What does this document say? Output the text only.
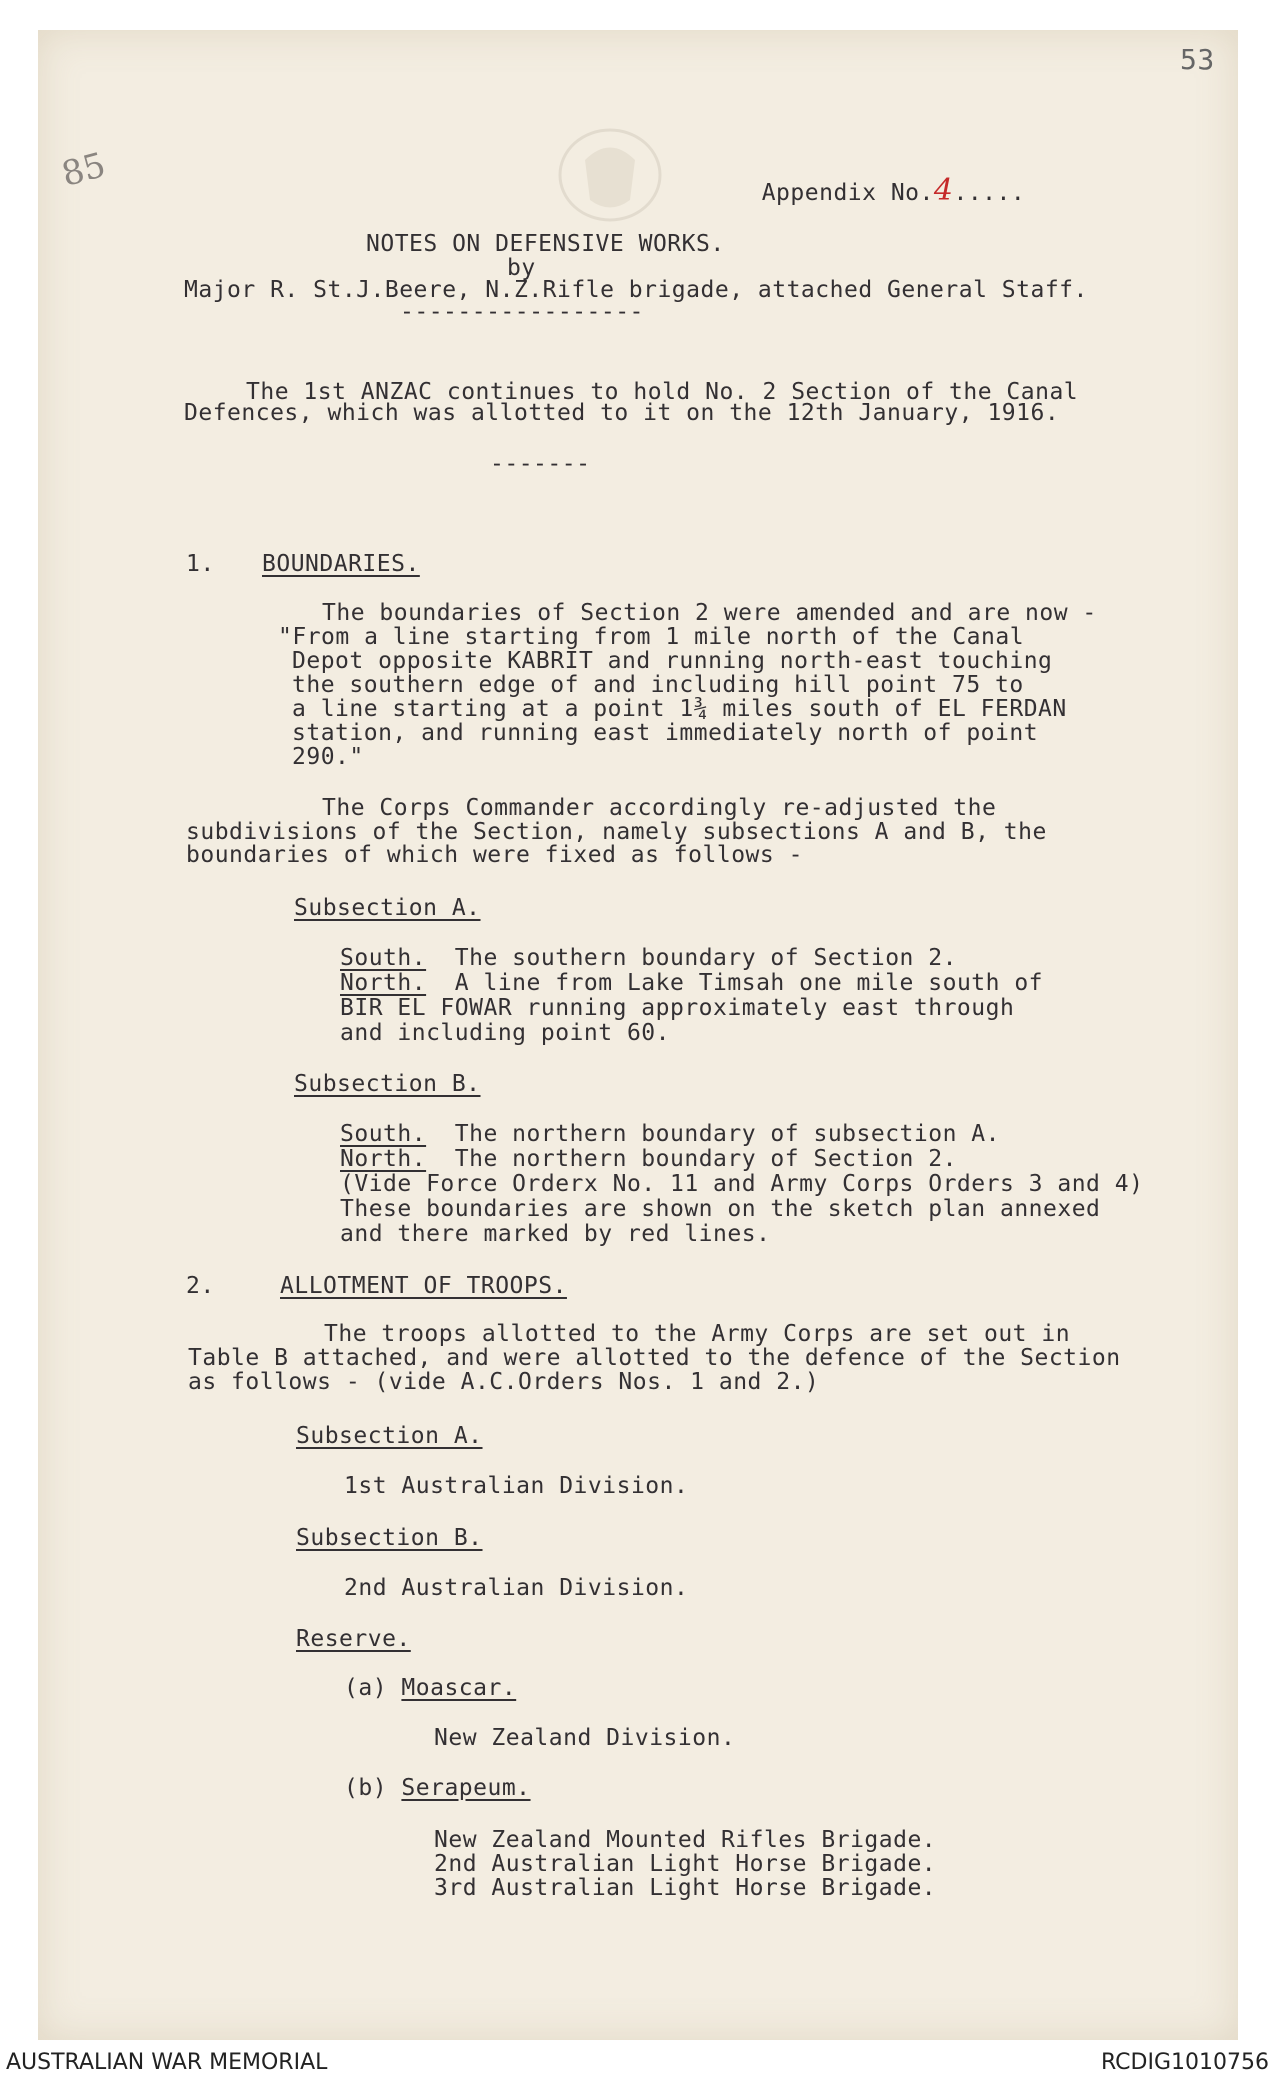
53
85	Appendix No.4.....

NOTES ON DEFENSIVE WORKS.
by
Major R. St.J.Beere, N.Z.Rifle brigade, attached General Staff.
-----------------
The 1st ANZAC continues to hold No. 2 Section of the Canal
Defences, which was allotted to it on the 12th January, 1916.
-------
1. BOUNDARIES.
The boundaries of Section 2 were amended and are now -
"From a line starting from 1 mile north of the Canal
Depot opposite KABRIT and running north-east touching
the southern edge of and including hill point 75 to
a line starting at a point 1¾ miles south of EL FERDAN
station, and running east immediately north of point
290."
The Corps Commander accordingly re-adjusted the
subdivisions of the Section, namely subsections A and B, the
boundaries of which were fixed as follows -
Subsection A.
South. The southern boundary of Section 2.
North. A line from Lake Timsah one mile south of
BIR EL FOWAR running approximately east through
and including point 60.
Subsection B.
South. The northern boundary of subsection A.
North. The northern boundary of Section 2.
(Vide Force Orderx No. 11 and Army Corps Orders 3 and 4)
These boundaries are shown on the sketch plan annexed
and there marked by red lines.
2.	ALLOTMENT OF TROOPS.
The troops allotted to the Army Corps are set out in
Table B attached, and were allotted to the defence of the Section
as follows - (vide A.C.Orders Nos. 1 and 2.)
Subsection A.
1st Australian Division.
Subsection B.
2nd Australian Division.
Reserve.
(a) Moascar.
New Zealand Division.
(b) Serapeum.
New Zealand Mounted Rifles Brigade.
2nd Australian Light Horse Brigade.
3rd Australian Light Horse Brigade.
AUSTRALIAN WAR MEMORIAL	RCDIG1010756
